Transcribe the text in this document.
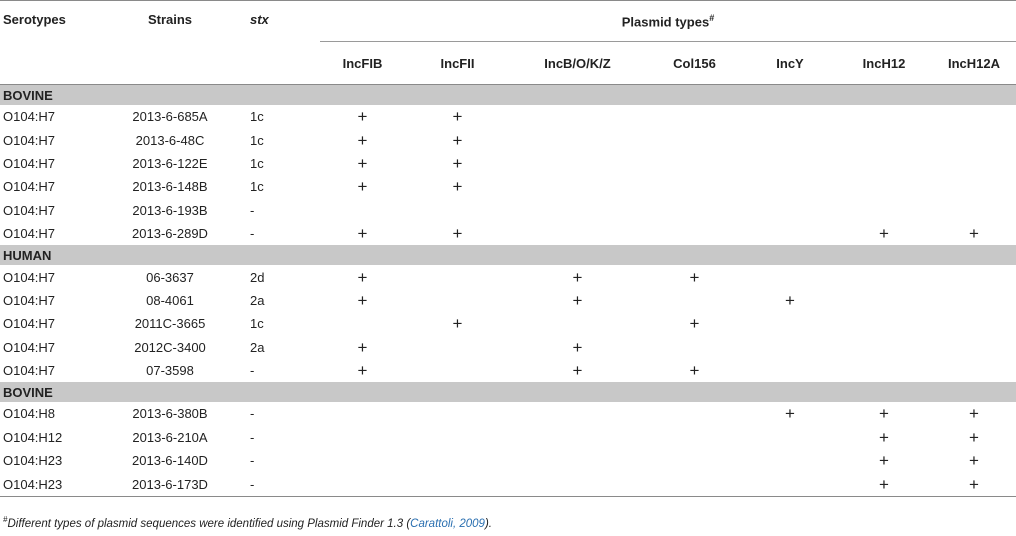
Serotypes	Strains	stx	Plasmid types#
			IncFIB	IncFII	IncB/O/K/Z	Col156	IncY	IncH12	IncH12A
BOVINE									
O104:H7	2013-6-685A	1c	+	+					
O104:H7	2013-6-48C	1c	+	+					
O104:H7	2013-6-122E	1c	+	+					
O104:H7	2013-6-148B	1c	+	+					
O104:H7	2013-6-193B	-							
O104:H7	2013-6-289D	-	+	+				+	+
HUMAN									
O104:H7	06-3637	2d	+		+	+			
O104:H7	08-4061	2a	+		+		+		
O104:H7	2011C-3665	1c		+		+			
O104:H7	2012C-3400	2a	+		+				
O104:H7	07-3598	-	+		+	+			
BOVINE									
O104:H8	2013-6-380B	-					+	+	+
O104:H12	2013-6-210A	-						+	+
O104:H23	2013-6-140D	-						+	+
O104:H23	2013-6-173D	-						+	+
#Different types of plasmid sequences were identified using Plasmid Finder 1.3 (Carattoli, 2009).
